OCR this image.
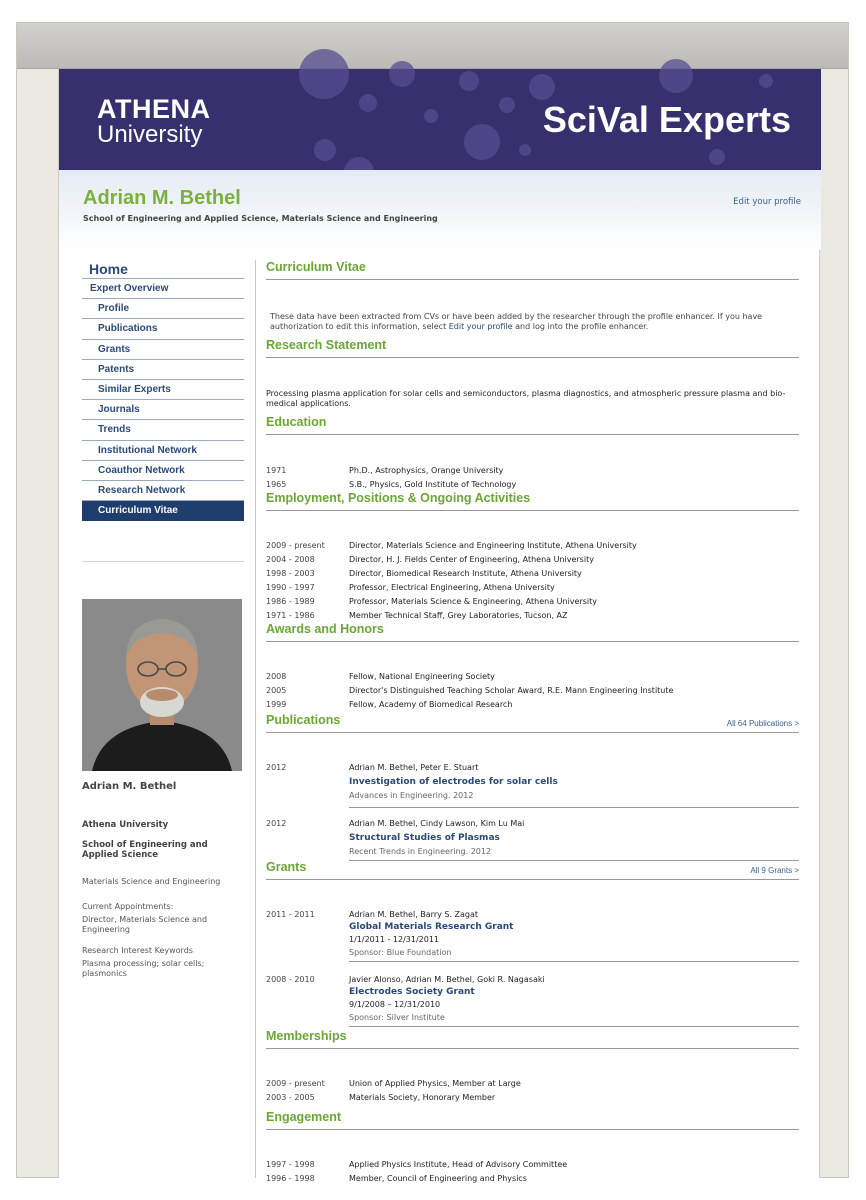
ATHENA
University	SciVal Experts
Adrian M. Bethel
School of Engineering and Applied Science, Materials Science and Engineering
Edit your profile
Home
Expert Overview
Profile
Publications
Grants
Patents
Similar Experts
Journals
Trends
Institutional Network
Coauthor Network
Research Network
Curriculum Vitae
Adrian M. Bethel
Athena University
School of Engineering and Applied Science
Materials Science and Engineering
Current Appointments:
Director, Materials Science and Engineering
Research Interest Keywords
Plasma processing; solar cells; plasmonics
Curriculum Vitae
These data have been extracted from CVs or have been added by the researcher through the profile enhancer. If you have authorization to edit this information, select Edit your profile and log into the profile enhancer.
Research Statement
Processing plasma application for solar cells and semiconductors, plasma diagnostics, and atmospheric pressure plasma and bio-medical applications.
Education
1971	Ph.D., Astrophysics, Orange University
1965	S.B., Physics, Gold Institute of Technology
Employment, Positions & Ongoing Activities
2009 - present	Director, Materials Science and Engineering Institute, Athena University
2004 - 2008	Director, H. J. Fields Center of Engineering, Athena University
1998 - 2003	Director, Biomedical Research Institute, Athena University
1990 - 1997	Professor, Electrical Engineering, Athena University
1986 - 1989	Professor, Materials Science & Engineering, Athena University
1971 - 1986	Member Technical Staff, Grey Laboratories, Tucson, AZ
Awards and Honors
2008	Fellow, National Engineering Society
2005	Director's Distinguished Teaching Scholar Award, R.E. Mann Engineering Institute
1999	Fellow, Academy of Biomedical Research
Publications	All 64 Publications >
2012	Adrian M. Bethel, Peter E. Stuart
Investigation of electrodes for solar cells
Advances in Engineering. 2012
2012	Adrian M. Bethel, Cindy Lawson, Kim Lu Mai
Structural Studies of Plasmas
Recent Trends in Engineering. 2012
Grants	All 9 Grants >
2011 - 2011	Adrian M. Bethel, Barry S. Zagat
Global Materials Research Grant
1/1/2011 - 12/31/2011
Sponsor: Blue Foundation
2008 - 2010	Javier Alonso, Adrian M. Bethel, Goki R. Nagasaki
Electrodes Society Grant
9/1/2008 – 12/31/2010
Sponsor: Silver Institute
Memberships
2009 - present	Union of Applied Physics, Member at Large
2003 - 2005	Materials Society, Honorary Member
Engagement
1997 - 1998	Applied Physics Institute, Head of Advisory Committee
1996 - 1998	Member, Council of Engineering and Physics
